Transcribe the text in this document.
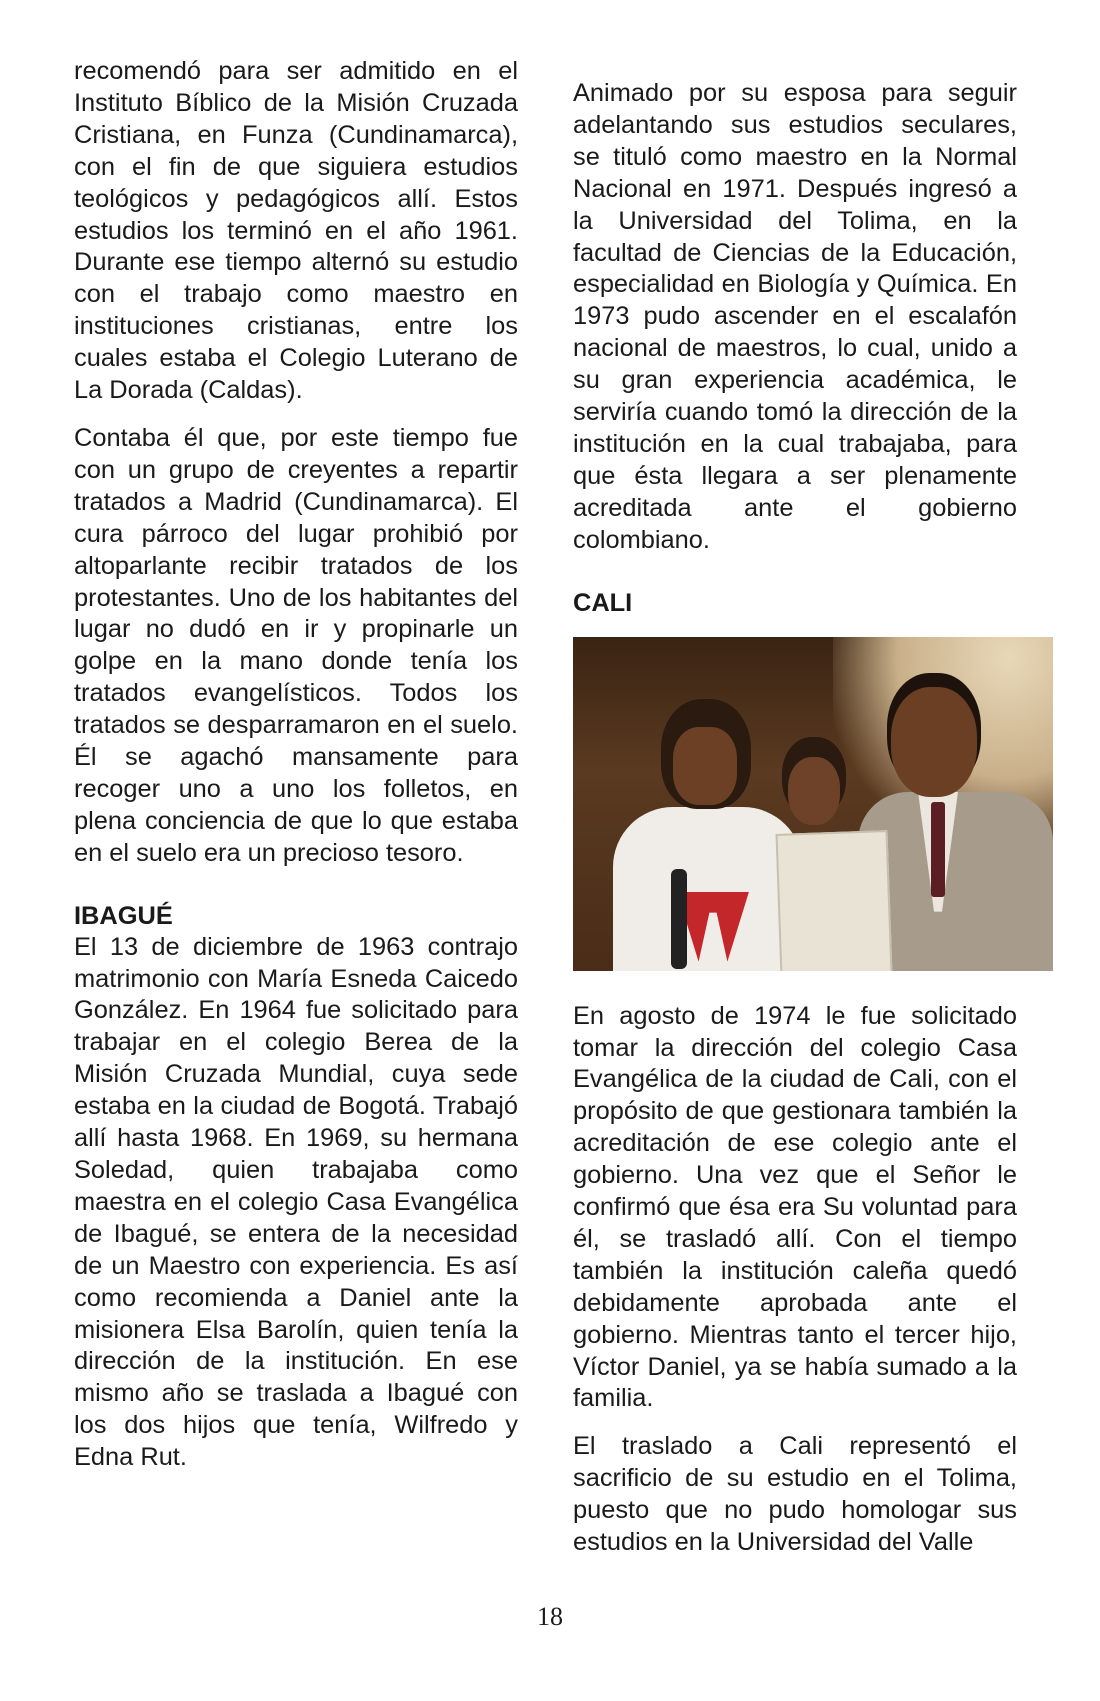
recomendó para ser admitido en el Instituto Bíblico de la Misión Cruzada Cristiana, en Funza (Cundinamarca), con el fin de que siguiera estudios teológicos y pedagógicos allí. Estos estudios los terminó en el año 1961. Durante ese tiempo alternó su estudio con el trabajo como maestro en instituciones cristianas, entre los cuales estaba el Colegio Luterano de La Dorada (Caldas).

Contaba él que, por este tiempo fue con un grupo de creyentes a repartir tratados a Madrid (Cundinamarca). El cura párroco del lugar prohibió por altoparlante recibir tratados de los protestantes. Uno de los habitantes del lugar no dudó en ir y propinarle un golpe en la mano donde tenía los tratados evangelísticos. Todos los tratados se desparramaron en el suelo. Él se agachó mansamente para recoger uno a uno los folletos, en plena conciencia de que lo que estaba en el suelo era un precioso tesoro.

IBAGUÉ

El 13 de diciembre de 1963 contrajo matrimonio con María Esneda Caicedo González. En 1964 fue solicitado para trabajar en el colegio Berea de la Misión Cruzada Mundial, cuya sede estaba en la ciudad de Bogotá. Trabajó allí hasta 1968. En 1969, su hermana Soledad, quien trabajaba como maestra en el colegio Casa Evangélica de Ibagué, se entera de la necesidad de un Maestro con experiencia. Es así como recomienda a Daniel ante la misionera Elsa Barolín, quien tenía la dirección de la institución. En ese mismo año se traslada a Ibagué con los dos hijos que tenía, Wilfredo y Edna Rut.

Animado por su esposa para seguir adelantando sus estudios seculares, se tituló como maestro en la Normal Nacional en 1971. Después ingresó a la Universidad del Tolima, en la facultad de Ciencias de la Educación, especialidad en Biología y Química. En 1973 pudo ascender en el escalafón nacional de maestros, lo cual, unido a su gran experiencia académica, le serviría cuando tomó la dirección de la institución en la cual trabajaba, para que ésta llegara a ser plenamente acreditada ante el gobierno colombiano.

CALI

En agosto de 1974 le fue solicitado tomar la dirección del colegio Casa Evangélica de la ciudad de Cali, con el propósito de que gestionara también la acreditación de ese colegio ante el gobierno. Una vez que el Señor le confirmó que ésa era Su voluntad para él, se trasladó allí. Con el tiempo también la institución caleña quedó debidamente aprobada ante el gobierno. Mientras tanto el tercer hijo, Víctor Daniel, ya se había sumado a la familia.

El traslado a Cali representó el sacrificio de su estudio en el Tolima, puesto que no pudo homologar sus estudios en la Universidad del Valle

18
